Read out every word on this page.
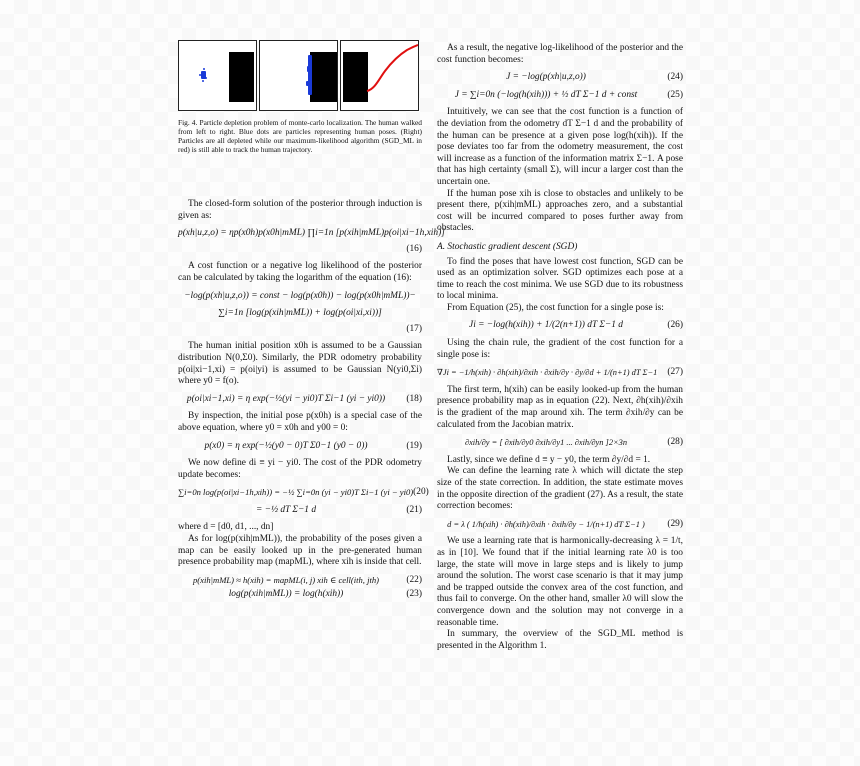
Fig. 4. Particle depletion problem of monte-carlo localization. The human walked from left to right. Blue dots are particles representing human poses. (Right) Particles are all depleted while our maximum-likelihood algorithm (SGD_ML in red) is still able to track the human trajectory.

The closed-form solution of the posterior through induction is given as:

p(xh|u,z,o) = ηp(x0h)p(x0h|mML) ∏i=1n [p(xih|mML)p(oi|xi−1h,xih)]
(16)

A cost function or a negative log likelihood of the posterior can be calculated by taking the logarithm of the equation (16):

−log(p(xh|u,z,o)) = const − log(p(x0h)) − log(p(x0h|mML))−
∑i=1n [log(p(xih|mML)) + log(p(oi|xi,xi))]
(17)

The human initial position x0h is assumed to be a Gaussian distribution N(0,Σ0). Similarly, the PDR odometry probability p(oi|xi−1,xi) = p(oi|yi) is assumed to be Gaussian N(yi0,Σi) where y0 = f(o).

p(oi|xi−1,xi) = η exp(−½(yi − yi0)T Σi−1 (yi − yi0))	(18)

By inspection, the initial pose p(x0h) is a special case of the above equation, where y0 = x0h and y00 = 0:

p(x0) = η exp(−½(y0 − 0)T Σ0−1 (y0 − 0))	(19)

We now define di ≡ yi − yi0. The cost of the PDR odometry update becomes:

∑i=0n log(p(oi|xi−1h,xih)) = −½ ∑i=0n (yi − yi0)T Σi−1 (yi − yi0) (20)
= −½ dT Σ−1 d	(21)

where d = [d0, d1, ..., dn]

As for log(p(xih|mML)), the probability of the poses given a map can be easily looked up in the pre-generated human presence probability map (mapML), where xih is inside that cell.

p(xih|mML) ≈ h(xih) = mapML(i, j) xih ∈ cell(ith, jth)	(22)
log(p(xih|mML)) = log(h(xih))	(23)

As a result, the negative log-likelihood of the posterior and the cost function becomes:

J = −log(p(xh|u,z,o))	(24)
J = ∑i=0n (−log(h(xih))) + ½ dT Σ−1 d + const	(25)

Intuitively, we can see that the cost function is a function of the deviation from the odometry dT Σ−1 d and the probability of the human can be presence at a given pose log(h(xih)). If the pose deviates too far from the odometry measurement, the cost will increase as a function of the information matrix Σ−1. A pose that has high certainty (small Σ), will incur a larger cost than the uncertain one.

If the human pose xih is close to obstacles and unlikely to be present there, p(xih|mML) approaches zero, and a substantial cost will be incurred compared to poses further away from obstacles.

A. Stochastic gradient descent (SGD)

To find the poses that have lowest cost function, SGD can be used as an optimization solver. SGD optimizes each pose at a time to reach the cost minima. We use SGD due to its robustness to local minima.

From Equation (25), the cost function for a single pose is:

Ji = −log(h(xih)) + 1/(2(n+1)) dT Σ−1 d	(26)

Using the chain rule, the gradient of the cost function for a single pose is:

∇Ji = −1/h(xih) · ∂h(xih)/∂xih · ∂xih/∂y · ∂y/∂d + 1/(n+1) dT Σ−1	(27)

The first term, h(xih) can be easily looked-up from the human presence probability map as in equation (22). Next, ∂h(xih)/∂xih is the gradient of the map around xih. The term ∂xih/∂y can be calculated from the Jacobian matrix.

∂xih/∂y = [ ∂xih/∂y0 ∂xih/∂y1 ... ∂xih/∂yn ]2×3n	(28)

Lastly, since we define d ≡ y − y0, the term ∂y/∂d = 1.

We can define the learning rate λ which will dictate the step size of the state correction. In addition, the state estimate moves in the opposite direction of the gradient (27). As a result, the state correction becomes:

d = λ ( 1/h(xih) · ∂h(xih)/∂xih · ∂xih/∂y − 1/(n+1) dT Σ−1 )	(29)

We use a learning rate that is harmonically-decreasing λ = 1/t, as in [10]. We found that if the initial learning rate λ0 is too large, the state will move in large steps and is likely to jump around the solution. The worst case scenario is that it may jump and be trapped outside the convex area of the cost function, and thus fail to converge. On the other hand, smaller λ0 will slow the convergence down and the solution may not converge in a reasonable time.

In summary, the overview of the SGD_ML method is presented in the Algorithm 1.
